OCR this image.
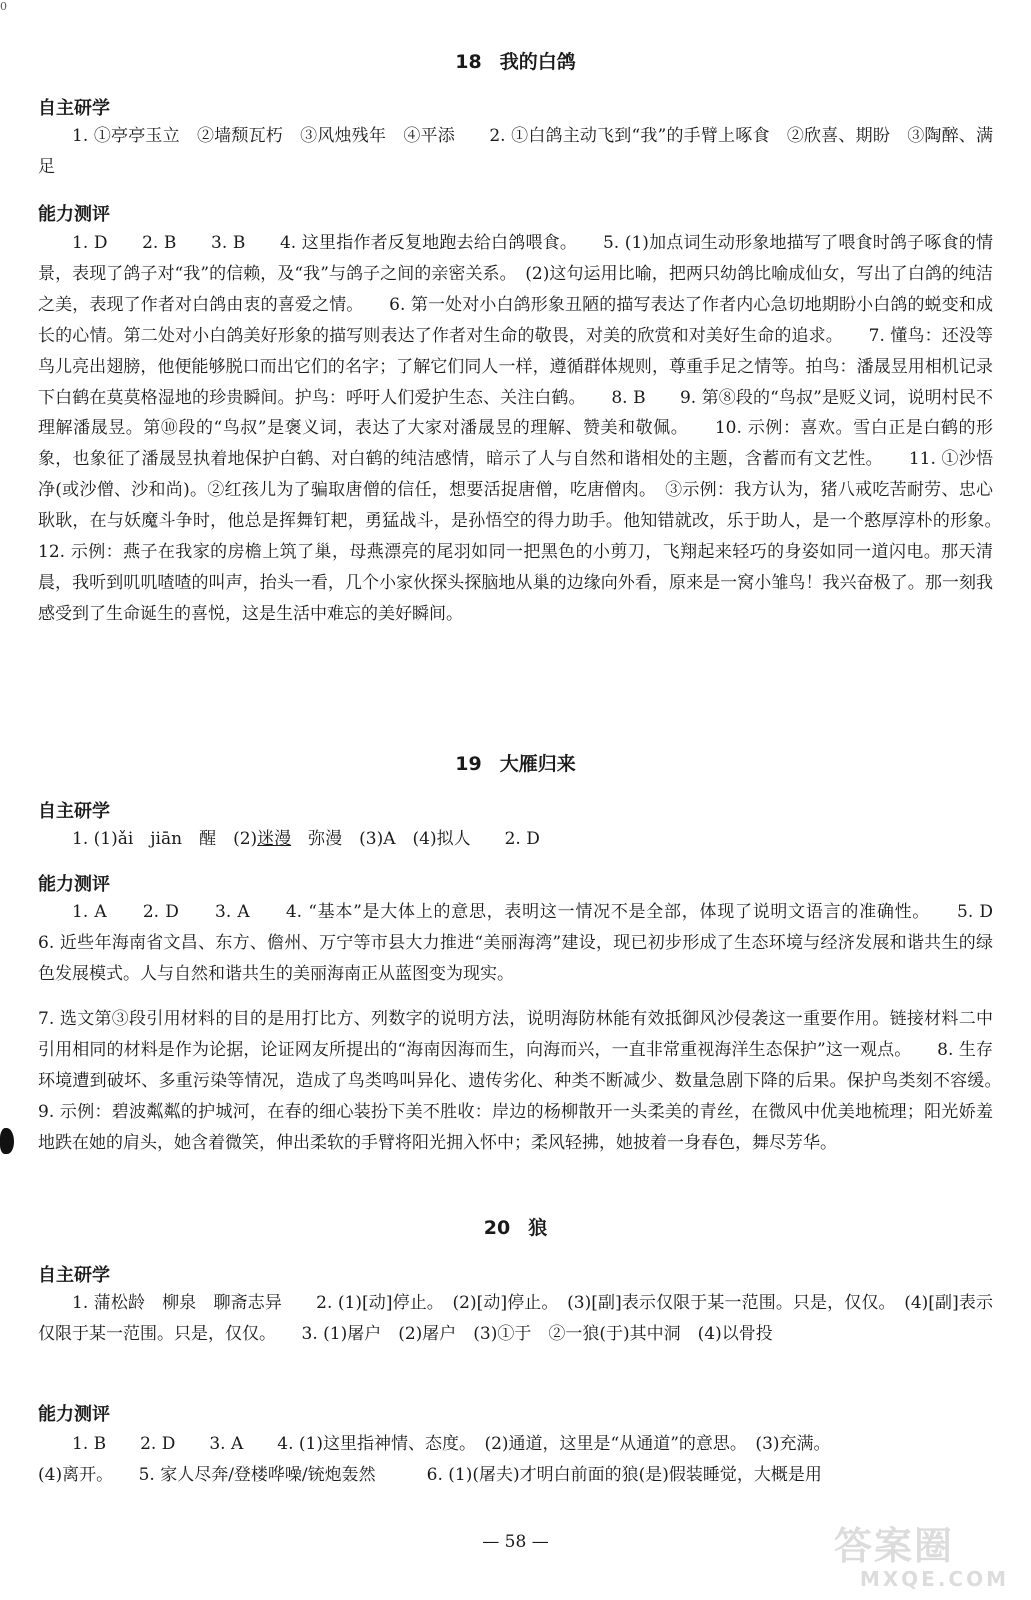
0
18 我的白鸽
自主研学

1. ①亭亭玉立　②墙颓瓦朽　③风烛残年　④平添　　2. ①白鸽主动飞到“我”的手臂上啄食　②欣喜、期盼　③陶醉、满足

能力测评

1. D　　2. B　　3. B　　4. 这里指作者反复地跑去给白鸽喂食。　　5. (1)加点词生动形象地描写了喂食时鸽子啄食的情景，表现了鸽子对“我”的信赖，及“我”与鸽子之间的亲密关系。　(2)这句运用比喻，把两只幼鸽比喻成仙女，写出了白鸽的纯洁之美，表现了作者对白鸽由衷的喜爱之情。　　6. 第一处对小白鸽形象丑陋的描写表达了作者内心急切地期盼小白鸽的蜕变和成长的心情。第二处对小白鸽美好形象的描写则表达了作者对生命的敬畏，对美的欣赏和对美好生命的追求。　　7. 懂鸟：还没等鸟儿亮出翅膀，他便能够脱口而出它们的名字；了解它们同人一样，遵循群体规则，尊重手足之情等。拍鸟：潘晟昱用相机记录下白鹤在莫莫格湿地的珍贵瞬间。护鸟：呼吁人们爱护生态、关注白鹤。　　8. B　　9. 第⑧段的“鸟叔”是贬义词，说明村民不理解潘晟昱。第⑩段的“鸟叔”是褒义词，表达了大家对潘晟昱的理解、赞美和敬佩。　　10. 示例：喜欢。雪白正是白鹤的形象，也象征了潘晟昱执着地保护白鹤、对白鹤的纯洁感情，暗示了人与自然和谐相处的主题，含蓄而有文艺性。　　11. ①沙悟净(或沙僧、沙和尚)。②红孩儿为了骗取唐僧的信任，想要活捉唐僧，吃唐僧肉。　③示例：我方认为，猪八戒吃苦耐劳、忠心耿耿，在与妖魔斗争时，他总是挥舞钉耙，勇猛战斗，是孙悟空的得力助手。他知错就改，乐于助人，是一个憨厚淳朴的形象。　　12. 示例：燕子在我家的房檐上筑了巢，母燕漂亮的尾羽如同一把黑色的小剪刀，飞翔起来轻巧的身姿如同一道闪电。那天清晨，我听到叽叽喳喳的叫声，抬头一看，几个小家伙探头探脑地从巢的边缘向外看，原来是一窝小雏鸟！我兴奋极了。那一刻我感受到了生命诞生的喜悦，这是生活中难忘的美好瞬间。

19 大雁归来
自主研学

1. (1)ǎi　jiān　醒　(2)迷漫　弥漫　(3)A　(4)拟人　　2. D

能力测评

1. A　　2. D　　3. A　　4. “基本”是大体上的意思，表明这一情况不是全部，体现了说明文语言的准确性。　　5. D　　6. 近些年海南省文昌、东方、儋州、万宁等市县大力推进“美丽海湾”建设，现已初步形成了生态环境与经济发展和谐共生的绿色发展模式。人与自然和谐共生的美丽海南正从蓝图变为现实。

7. 选文第③段引用材料的目的是用打比方、列数字的说明方法，说明海防林能有效抵御风沙侵袭这一重要作用。链接材料二中引用相同的材料是作为论据，论证网友所提出的“海南因海而生，向海而兴，一直非常重视海洋生态保护”这一观点。　　8. 生存环境遭到破坏、多重污染等情况，造成了鸟类鸣叫异化、遗传劣化、种类不断减少、数量急剧下降的后果。保护鸟类刻不容缓。　　9. 示例：碧波粼粼的护城河，在春的细心装扮下美不胜收：岸边的杨柳散开一头柔美的青丝，在微风中优美地梳理；阳光娇羞地跌在她的肩头，她含着微笑，伸出柔软的手臂将阳光拥入怀中；柔风轻拂，她披着一身春色，舞尽芳华。

20 狼
自主研学

1. 蒲松龄　柳泉　聊斋志异　　2. (1)[动]停止。　(2)[动]停止。　(3)[副]表示仅限于某一范围。只是，仅仅。　(4)[副]表示仅限于某一范围。只是，仅仅。　　3. (1)屠户　(2)屠户　(3)①于　②一狼(于)其中洞　(4)以骨投

能力测评

1. B　　2. D　　3. A　　4. (1)这里指神情、态度。　(2)通道，这里是“从通道”的意思。　(3)充满。

(4)离开。　　5. 家人尽奔/登楼哗噪/铳炮轰然　　　6. (1)(屠夫)才明白前面的狼(是)假装睡觉，大概是用

— 58 —	答案圈
MXQE.COM
